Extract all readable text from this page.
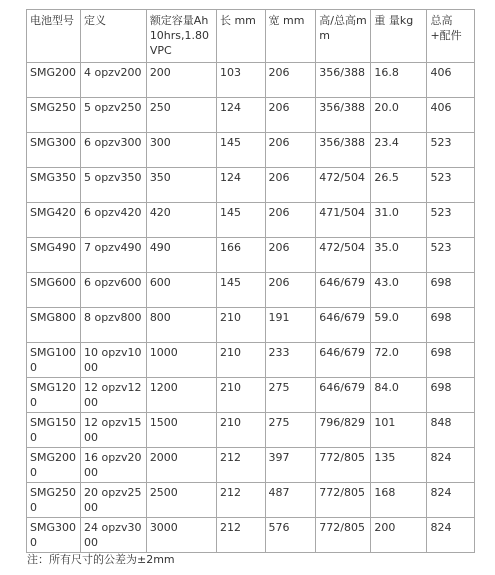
电池型号	定义	额定容量Ah10hrs,1.80VPC	长 mm	宽 mm	高/总高mm	重 量kg	总高+配件
SMG200	4 opzv200	200	103	206	356/388	16.8	406
SMG250	5 opzv250	250	124	206	356/388	20.0	406
SMG300	6 opzv300	300	145	206	356/388	23.4	523
SMG350	5 opzv350	350	124	206	472/504	26.5	523
SMG420	6 opzv420	420	145	206	471/504	31.0	523
SMG490	7 opzv490	490	166	206	472/504	35.0	523
SMG600	6 opzv600	600	145	206	646/679	43.0	698
SMG800	8 opzv800	800	210	191	646/679	59.0	698
SMG1000	10 opzv1000	1000	210	233	646/679	72.0	698
SMG1200	12 opzv1200	1200	210	275	646/679	84.0	698
SMG1500	12 opzv1500	1500	210	275	796/829	101	848
SMG2000	16 opzv2000	2000	212	397	772/805	135	824
SMG2500	20 opzv2500	2500	212	487	772/805	168	824
SMG3000	24 opzv3000	3000	212	576	772/805	200	824
注：所有尺寸的公差为±2mm
